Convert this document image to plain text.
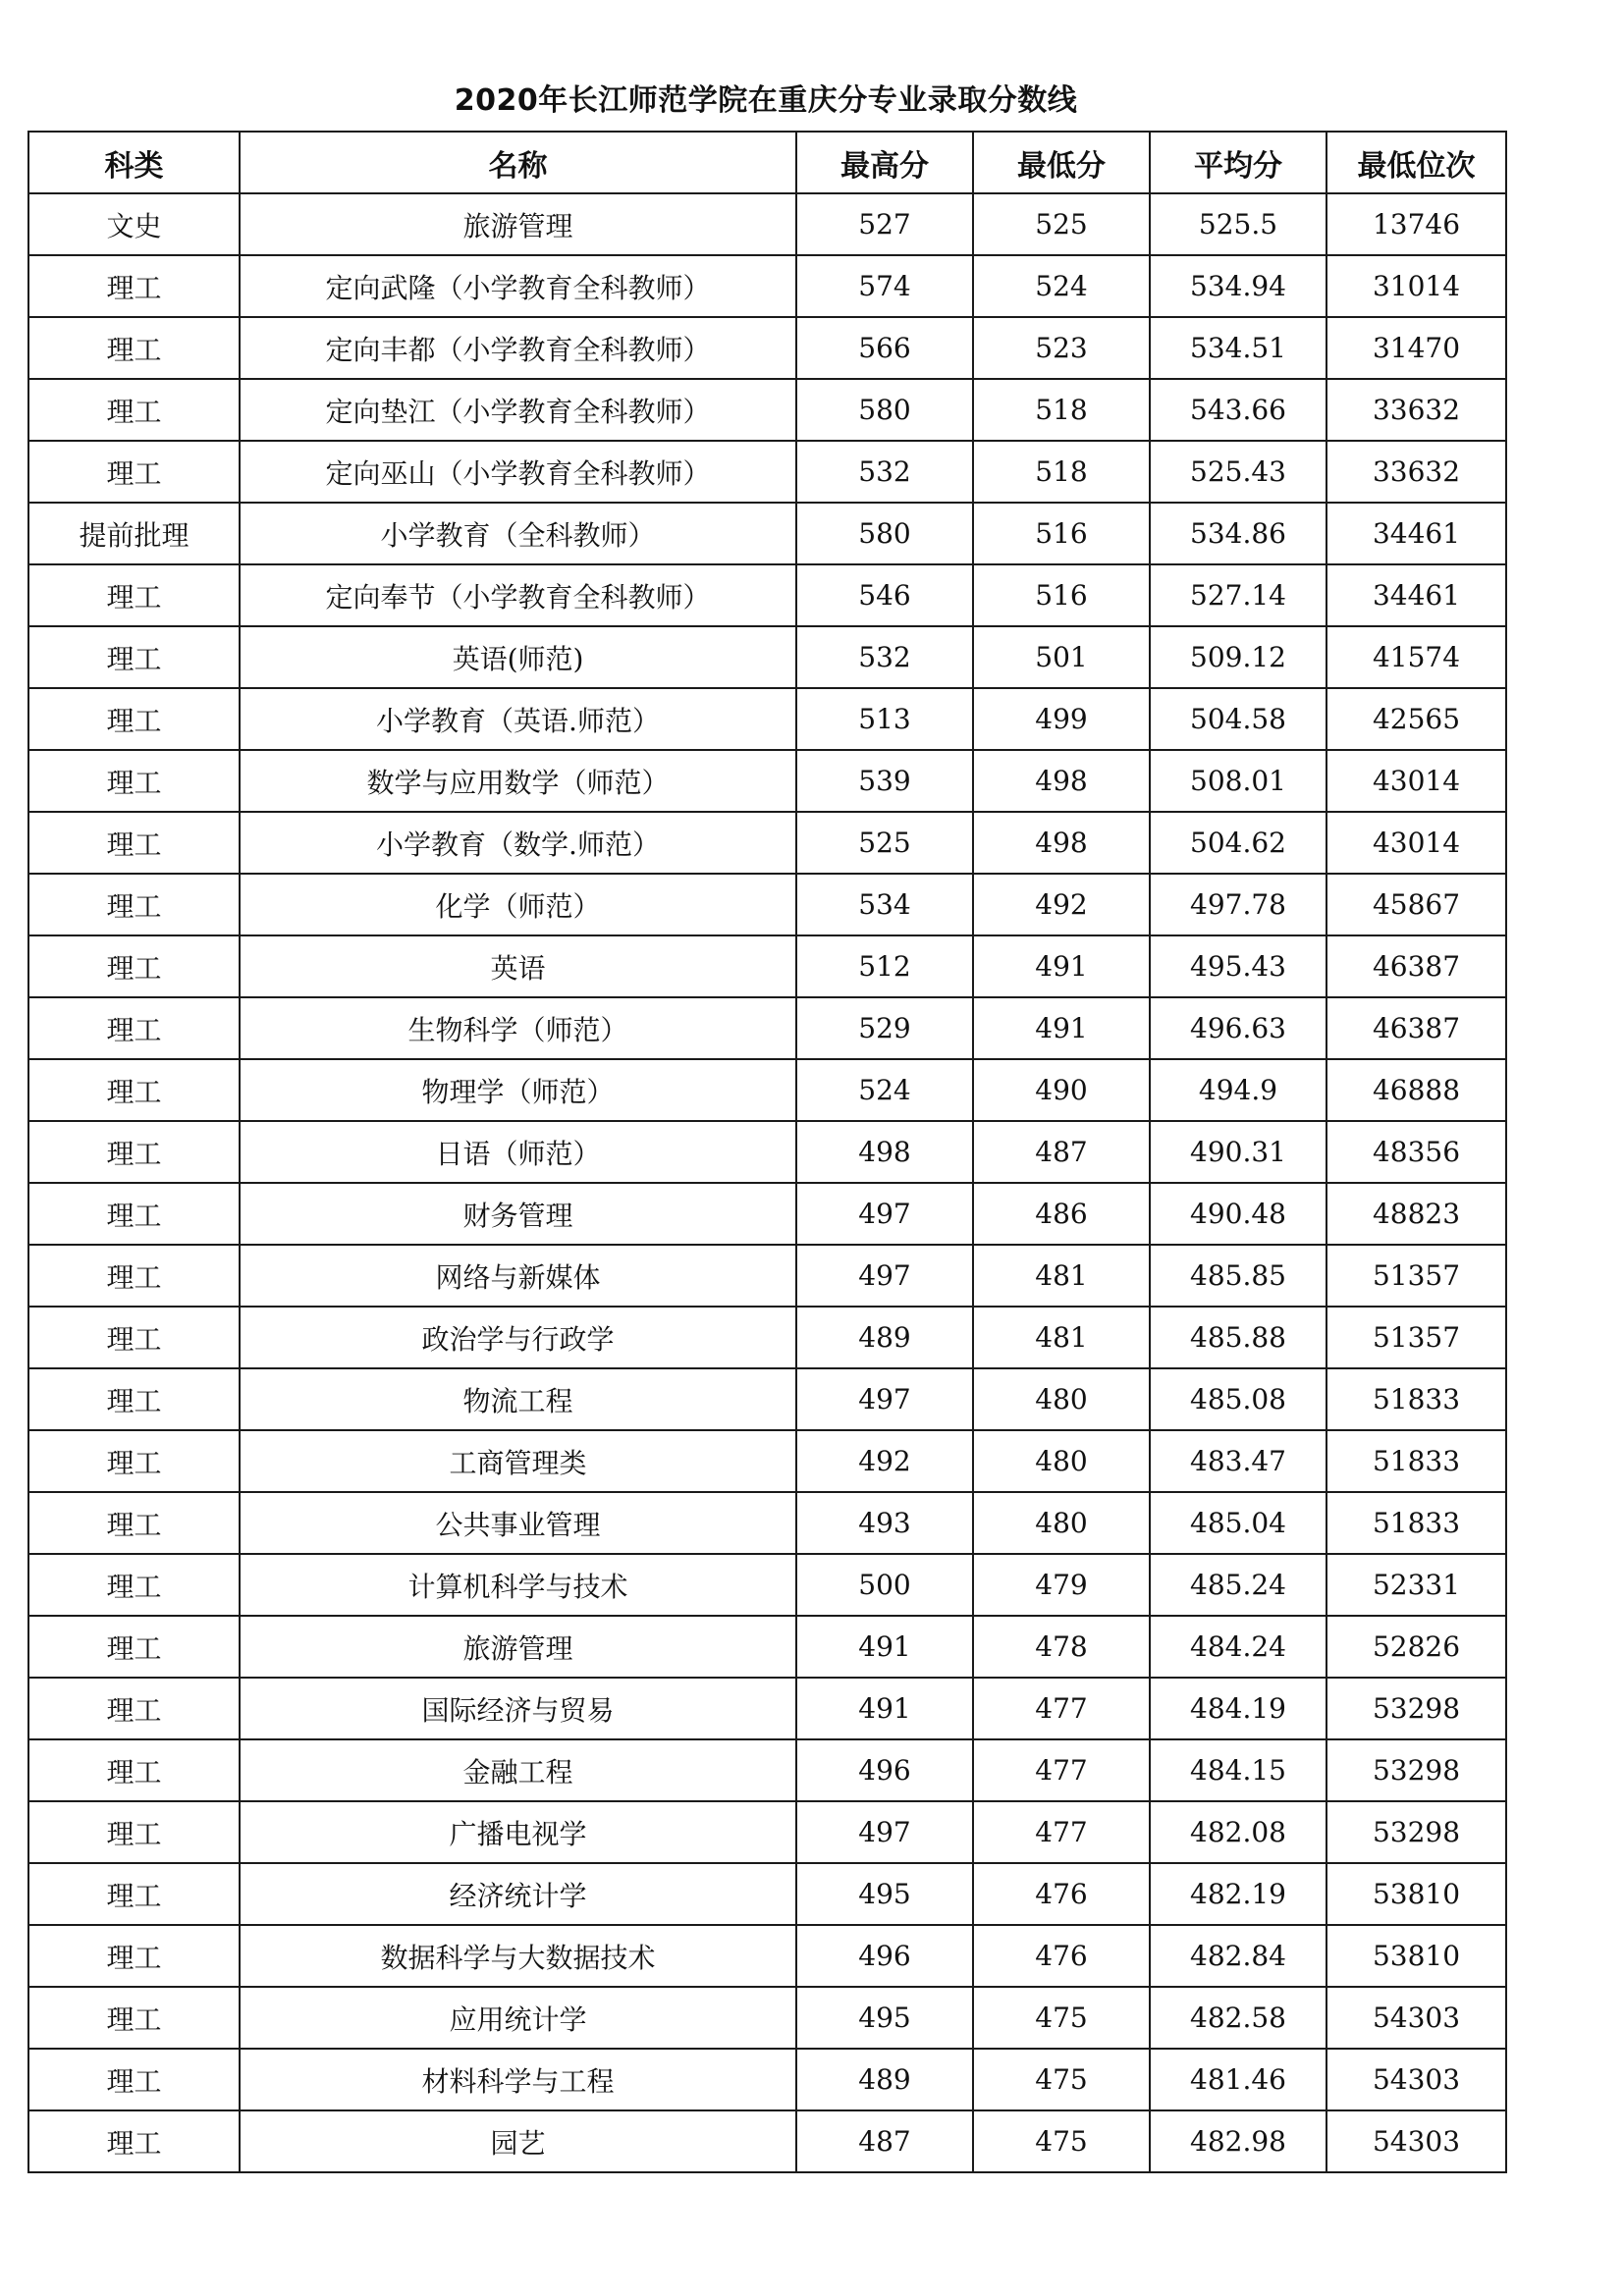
2020年长江师范学院在重庆分专业录取分数线
科类	名称	最高分	最低分	平均分	最低位次
文史	旅游管理	527	525	525.5	13746
理工	定向武隆（小学教育全科教师）	574	524	534.94	31014
理工	定向丰都（小学教育全科教师）	566	523	534.51	31470
理工	定向垫江（小学教育全科教师）	580	518	543.66	33632
理工	定向巫山（小学教育全科教师）	532	518	525.43	33632
提前批理	小学教育（全科教师）	580	516	534.86	34461
理工	定向奉节（小学教育全科教师）	546	516	527.14	34461
理工	英语(师范)	532	501	509.12	41574
理工	小学教育（英语.师范）	513	499	504.58	42565
理工	数学与应用数学（师范）	539	498	508.01	43014
理工	小学教育（数学.师范）	525	498	504.62	43014
理工	化学（师范）	534	492	497.78	45867
理工	英语	512	491	495.43	46387
理工	生物科学（师范）	529	491	496.63	46387
理工	物理学（师范）	524	490	494.9	46888
理工	日语（师范）	498	487	490.31	48356
理工	财务管理	497	486	490.48	48823
理工	网络与新媒体	497	481	485.85	51357
理工	政治学与行政学	489	481	485.88	51357
理工	物流工程	497	480	485.08	51833
理工	工商管理类	492	480	483.47	51833
理工	公共事业管理	493	480	485.04	51833
理工	计算机科学与技术	500	479	485.24	52331
理工	旅游管理	491	478	484.24	52826
理工	国际经济与贸易	491	477	484.19	53298
理工	金融工程	496	477	484.15	53298
理工	广播电视学	497	477	482.08	53298
理工	经济统计学	495	476	482.19	53810
理工	数据科学与大数据技术	496	476	482.84	53810
理工	应用统计学	495	475	482.58	54303
理工	材料科学与工程	489	475	481.46	54303
理工	园艺	487	475	482.98	54303
